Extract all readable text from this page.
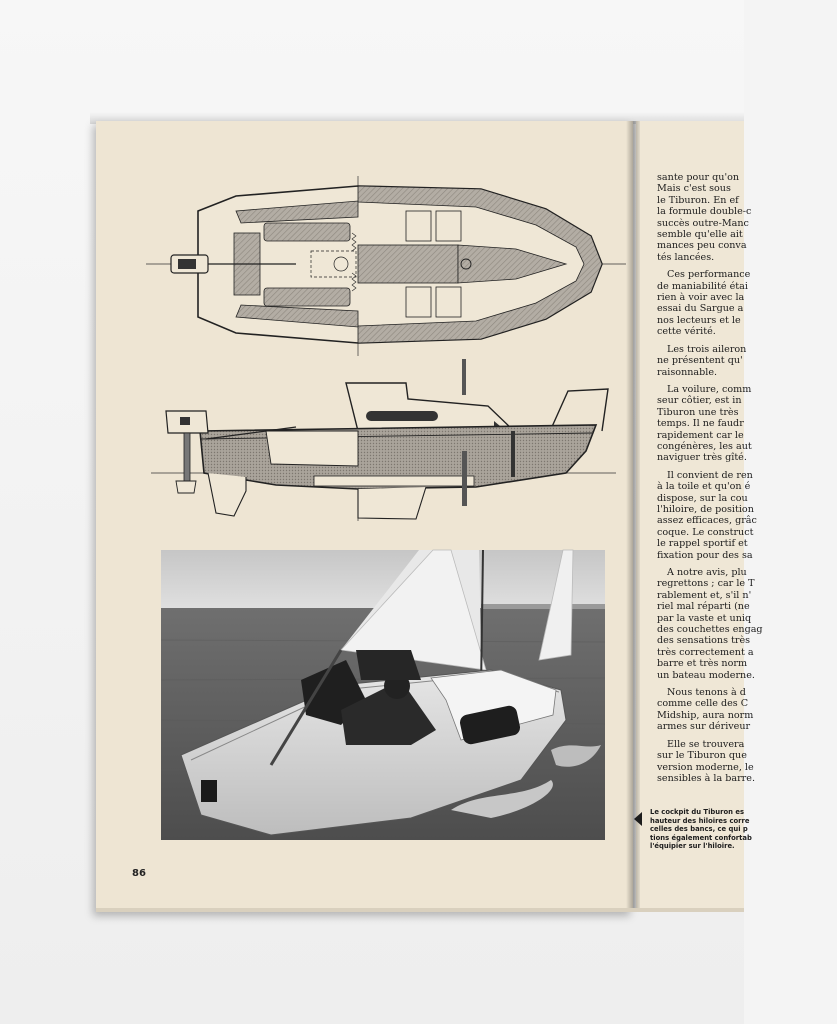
86

sante pour qu'on
Mais c'est sous
le Tiburon. En ef
la formule double-c
succès outre-Manc
semble qu'elle ait
mances peu conva
tés lancées.

Ces performance
de maniabilité étai
rien à voir avec la
essai du Sargue a
nos lecteurs et le
cette vérité.

Les trois aileron
ne présentent qu'
raisonnable.

La voilure, comm
seur côtier, est in
Tiburon une très
temps. Il ne faudr
rapidement car le
congénères, les aut
naviguer très gîté.

Il convient de ren
à la toile et qu'on é
dispose, sur la cou
l'hiloire, de position
assez efficaces, grâc
coque. Le construct
le rappel sportif et
fixation pour des sa

A notre avis, plu
regrettons ; car le T
rablement et, s'il n'
riel mal réparti (ne
par la vaste et uniq
des couchettes engag
des sensations très
très correctement a
barre et très norm
un bateau moderne.

Nous tenons à d
comme celle des C
Midship, aura norm
armes sur dériveur

Elle se trouvera
sur le Tiburon que
version moderne, le
sensibles à la barre.

Le cockpit du Tiburon es
hauteur des hiloires corre
celles des bancs, ce qui p
tions également confortab
l'équipier sur l'hiloire.
